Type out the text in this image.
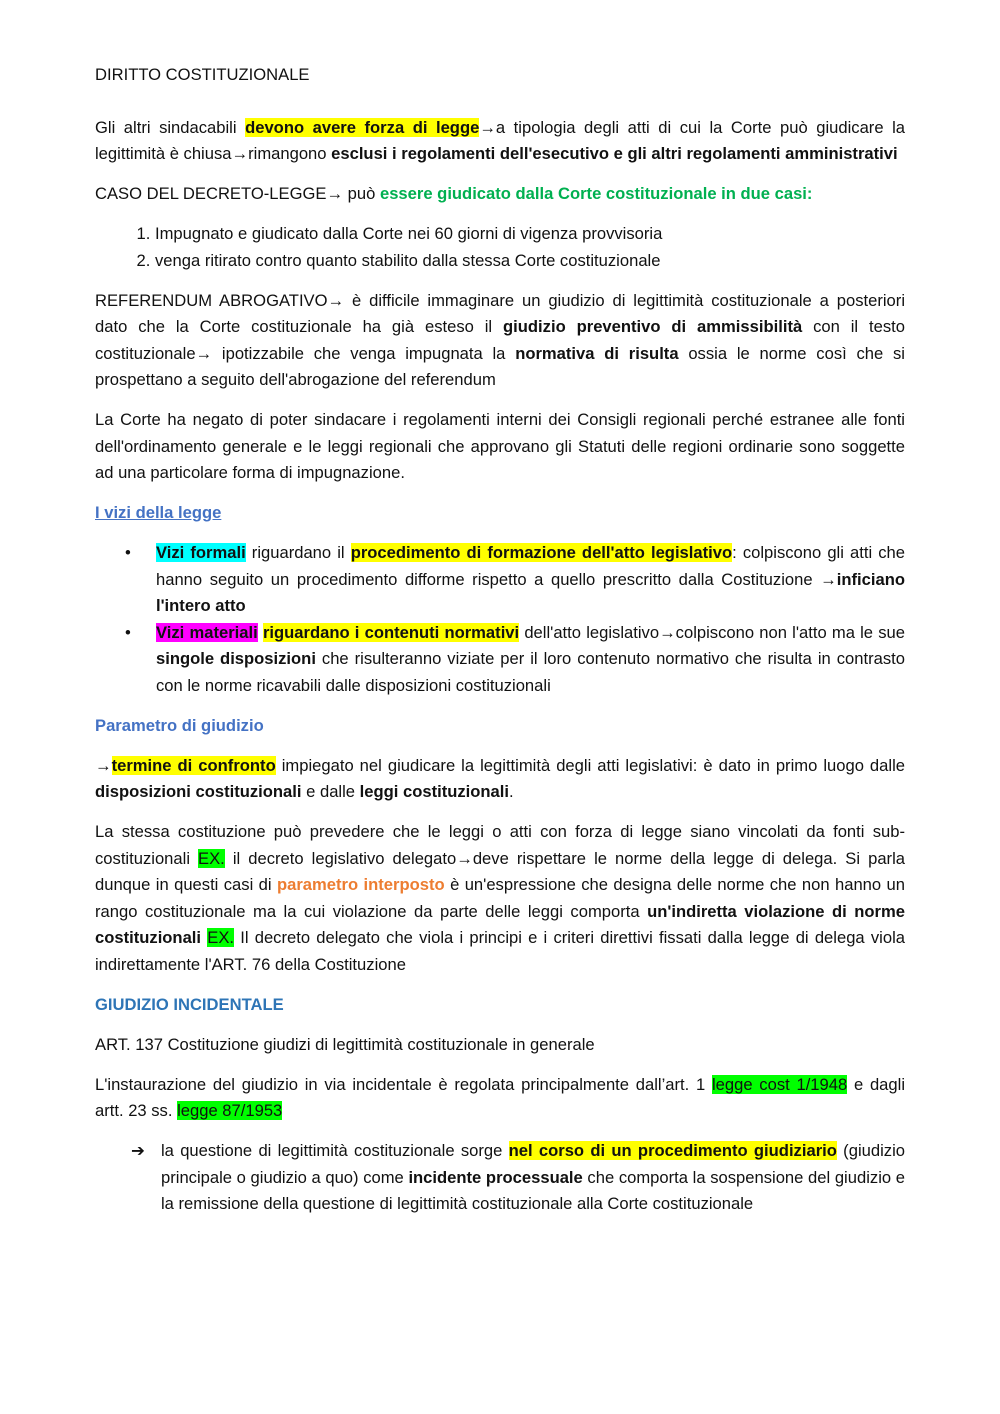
DIRITTO COSTITUZIONALE

Gli altri sindacabili devono avere forza di legge→a tipologia degli atti di cui la Corte può giudicare la legittimità è chiusa→rimangono esclusi i regolamenti dell'esecutivo e gli altri regolamenti amministrativi

CASO DEL DECRETO-LEGGE→ può essere giudicato dalla Corte costituzionale in due casi:

1. Impugnato e giudicato dalla Corte nei 60 giorni di vigenza provvisoria
2. venga ritirato contro quanto stabilito dalla stessa Corte costituzionale

REFERENDUM ABROGATIVO→ è difficile immaginare un giudizio di legittimità costituzionale a posteriori dato che la Corte costituzionale ha già esteso il giudizio preventivo di ammissibilità con il testo costituzionale→ ipotizzabile che venga impugnata la normativa di risulta ossia le norme così che si prospettano a seguito dell'abrogazione del referendum

La Corte ha negato di poter sindacare i regolamenti interni dei Consigli regionali perché estranee alle fonti dell'ordinamento generale e le leggi regionali che approvano gli Statuti delle regioni ordinarie sono soggette ad una particolare forma di impugnazione.

I vizi della legge
• Vizi formali riguardano il procedimento di formazione dell'atto legislativo: colpiscono gli atti che hanno seguito un procedimento difforme rispetto a quello prescritto dalla Costituzione →inficiano l'intero atto
• Vizi materiali riguardano i contenuti normativi dell'atto legislativo→colpiscono non l'atto ma le sue singole disposizioni che risulteranno viziate per il loro contenuto normativo che risulta in contrasto con le norme ricavabili dalle disposizioni costituzionali
Parametro di giudizio

→termine di confronto impiegato nel giudicare la legittimità degli atti legislativi: è dato in primo luogo dalle disposizioni costituzionali e dalle leggi costituzionali.

La stessa costituzione può prevedere che le leggi o atti con forza di legge siano vincolati da fonti sub-costituzionali EX. il decreto legislativo delegato→deve rispettare le norme della legge di delega. Si parla dunque in questi casi di parametro interposto è un'espressione che designa delle norme che non hanno un rango costituzionale ma la cui violazione da parte delle leggi comporta un'indiretta violazione di norme costituzionali EX. Il decreto delegato che viola i principi e i criteri direttivi fissati dalla legge di delega viola indirettamente l'ART. 76 della Costituzione

GIUDIZIO INCIDENTALE

ART. 137 Costituzione giudizi di legittimità costituzionale in generale

L'instaurazione del giudizio in via incidentale è regolata principalmente dall’art. 1 legge cost 1/1948 e dagli artt. 23 ss. legge 87/1953

➔ la questione di legittimità costituzionale sorge nel corso di un procedimento giudiziario (giudizio principale o giudizio a quo) come incidente processuale che comporta la sospensione del giudizio e la remissione della questione di legittimità costituzionale alla Corte costituzionale
